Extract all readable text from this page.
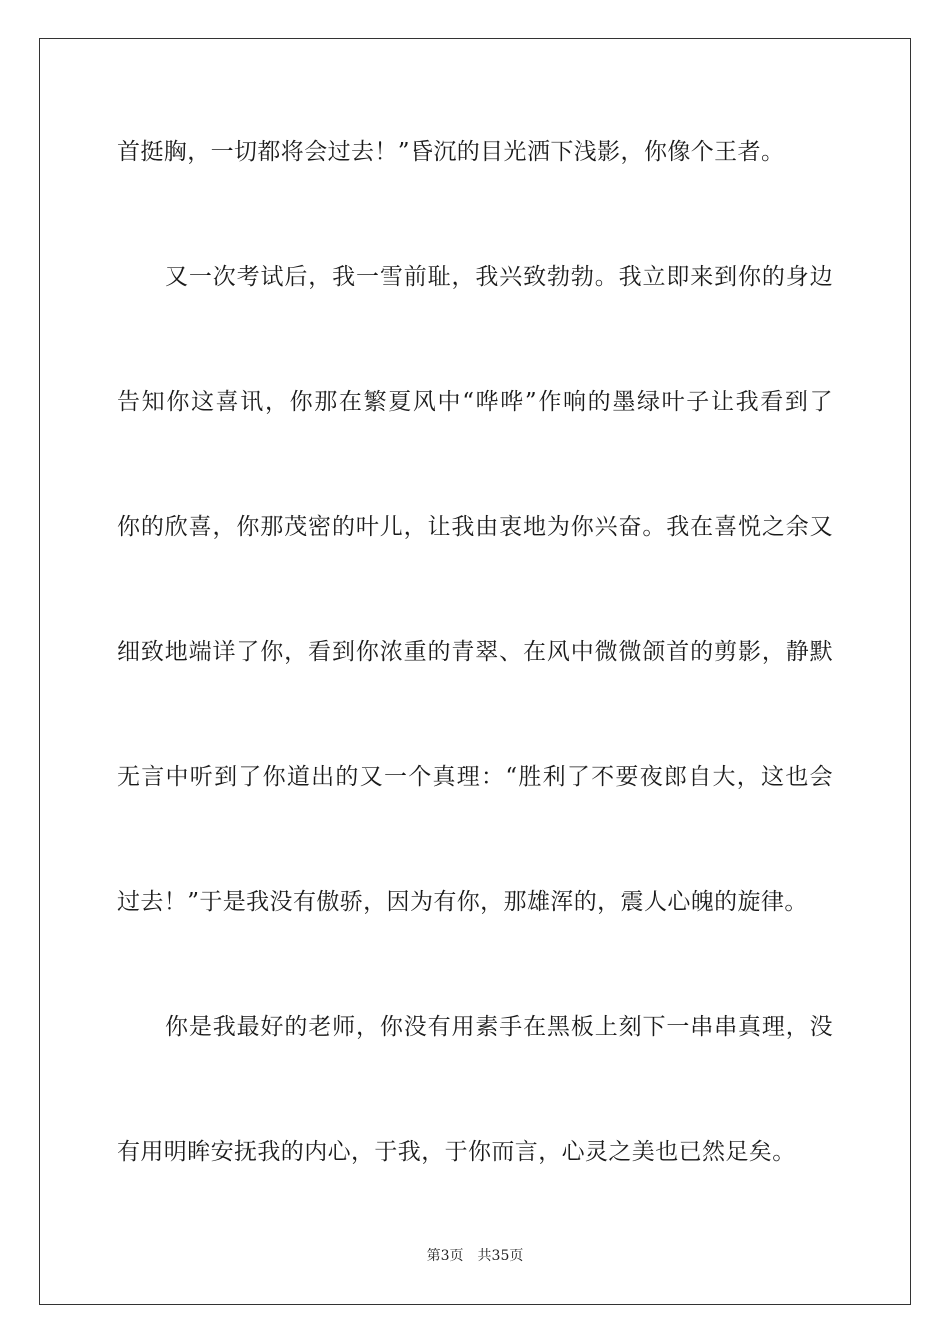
首挺胸，一切都将会过去！”昏沉的目光洒下浅影，你像个王者。
又一次考试后，我一雪前耻，我兴致勃勃。我立即来到你的身边
告知你这喜讯，你那在繁夏风中“哗哗”作响的墨绿叶子让我看到了
你的欣喜，你那茂密的叶儿，让我由衷地为你兴奋。我在喜悦之余又
细致地端详了你，看到你浓重的青翠、在风中微微颌首的剪影，静默
无言中听到了你道出的又一个真理：“胜利了不要夜郎自大，这也会
过去！”于是我没有傲骄，因为有你，那雄浑的，震人心魄的旋律。
你是我最好的老师，你没有用素手在黑板上刻下一串串真理，没
有用明眸安抚我的内心，于我，于你而言，心灵之美也已然足矣。
第3页 共35页
